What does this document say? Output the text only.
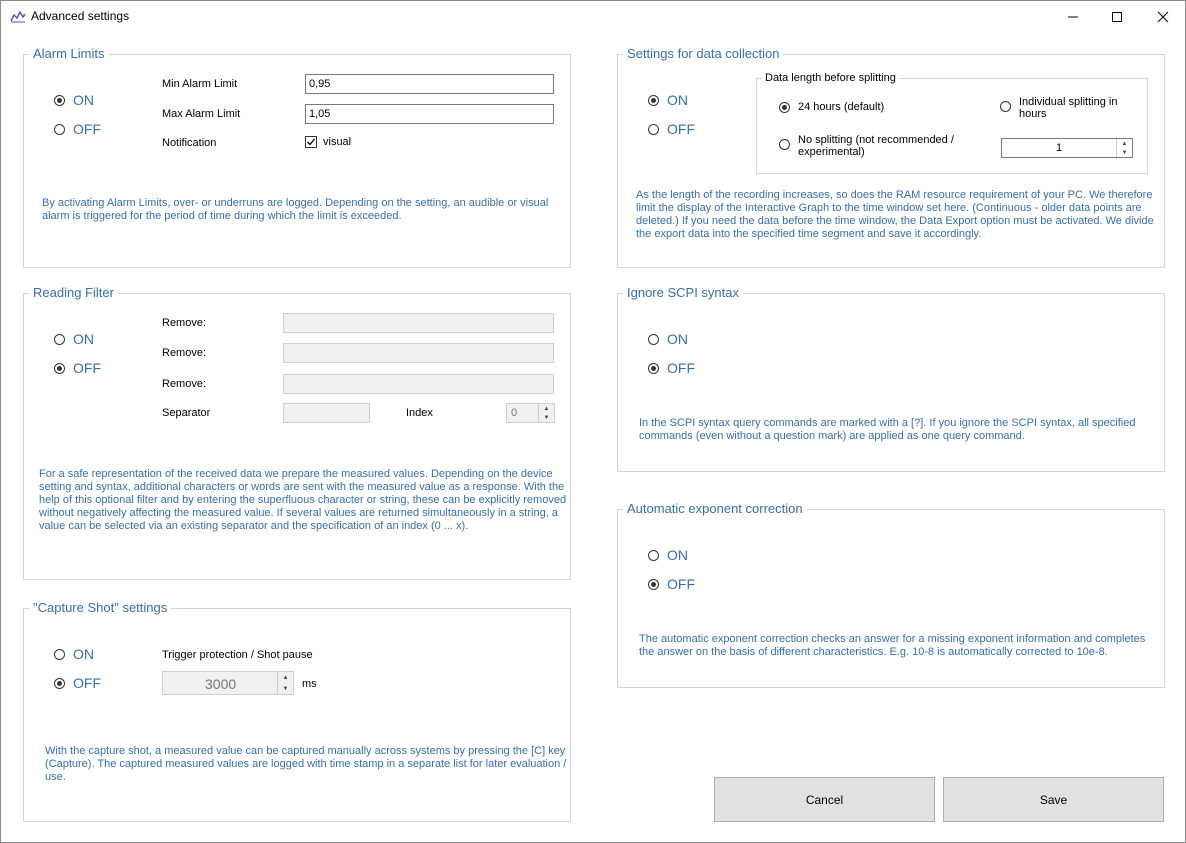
Advanced settings
Alarm Limits
ON
OFF
Min Alarm Limit	0,95
Max Alarm Limit	1,05
Notification	visual
By activating Alarm Limits, over- or underruns are logged. Depending on the setting, an audible or visual
alarm is triggered for the period of time during which the limit is exceeded.
Reading Filter
ON
OFF
Remove:
Remove:
Remove:
Separator	Index	0	▲
▼
For a safe representation of the received data we prepare the measured values. Depending on the device
setting and syntax, additional characters or words are sent with the measured value as a response. With the
help of this optional filter and by entering the superfluous character or string, these can be explicitly removed
without negatively affecting the measured value. If several values are returned simultaneously in a string, a
value can be selected via an existing separator and the specification of an index (0 ... x).
"Capture Shot" settings
ON
OFF
Trigger protection / Shot pause
3000	▲
▼	ms
With the capture shot, a measured value can be captured manually across systems by pressing the [C] key
(Capture). The captured measured values are logged with time stamp in a separate list for later evaluation /
use.
Settings for data collection
ON
OFF
Data length before splitting
24 hours (default)	Individual splitting in
hours
No splitting (not recommended /
experimental)	1	▲
▼
As the length of the recording increases, so does the RAM resource requirement of your PC. We therefore
limit the display of the Interactive Graph to the time window set here. (Continuous - older data points are
deleted.) If you need the data before the time window, the Data Export option must be activated. We divide
the export data into the specified time segment and save it accordingly.
Ignore SCPI syntax
ON
OFF
In the SCPI syntax query commands are marked with a [?]. If you ignore the SCPI syntax, all specified
commands (even without a question mark) are applied as one query command.
Automatic exponent correction
ON
OFF
The automatic exponent correction checks an answer for a missing exponent information and completes
the answer on the basis of different characteristics. E.g. 10-8 is automatically corrected to 10e-8.
Cancel	Save
